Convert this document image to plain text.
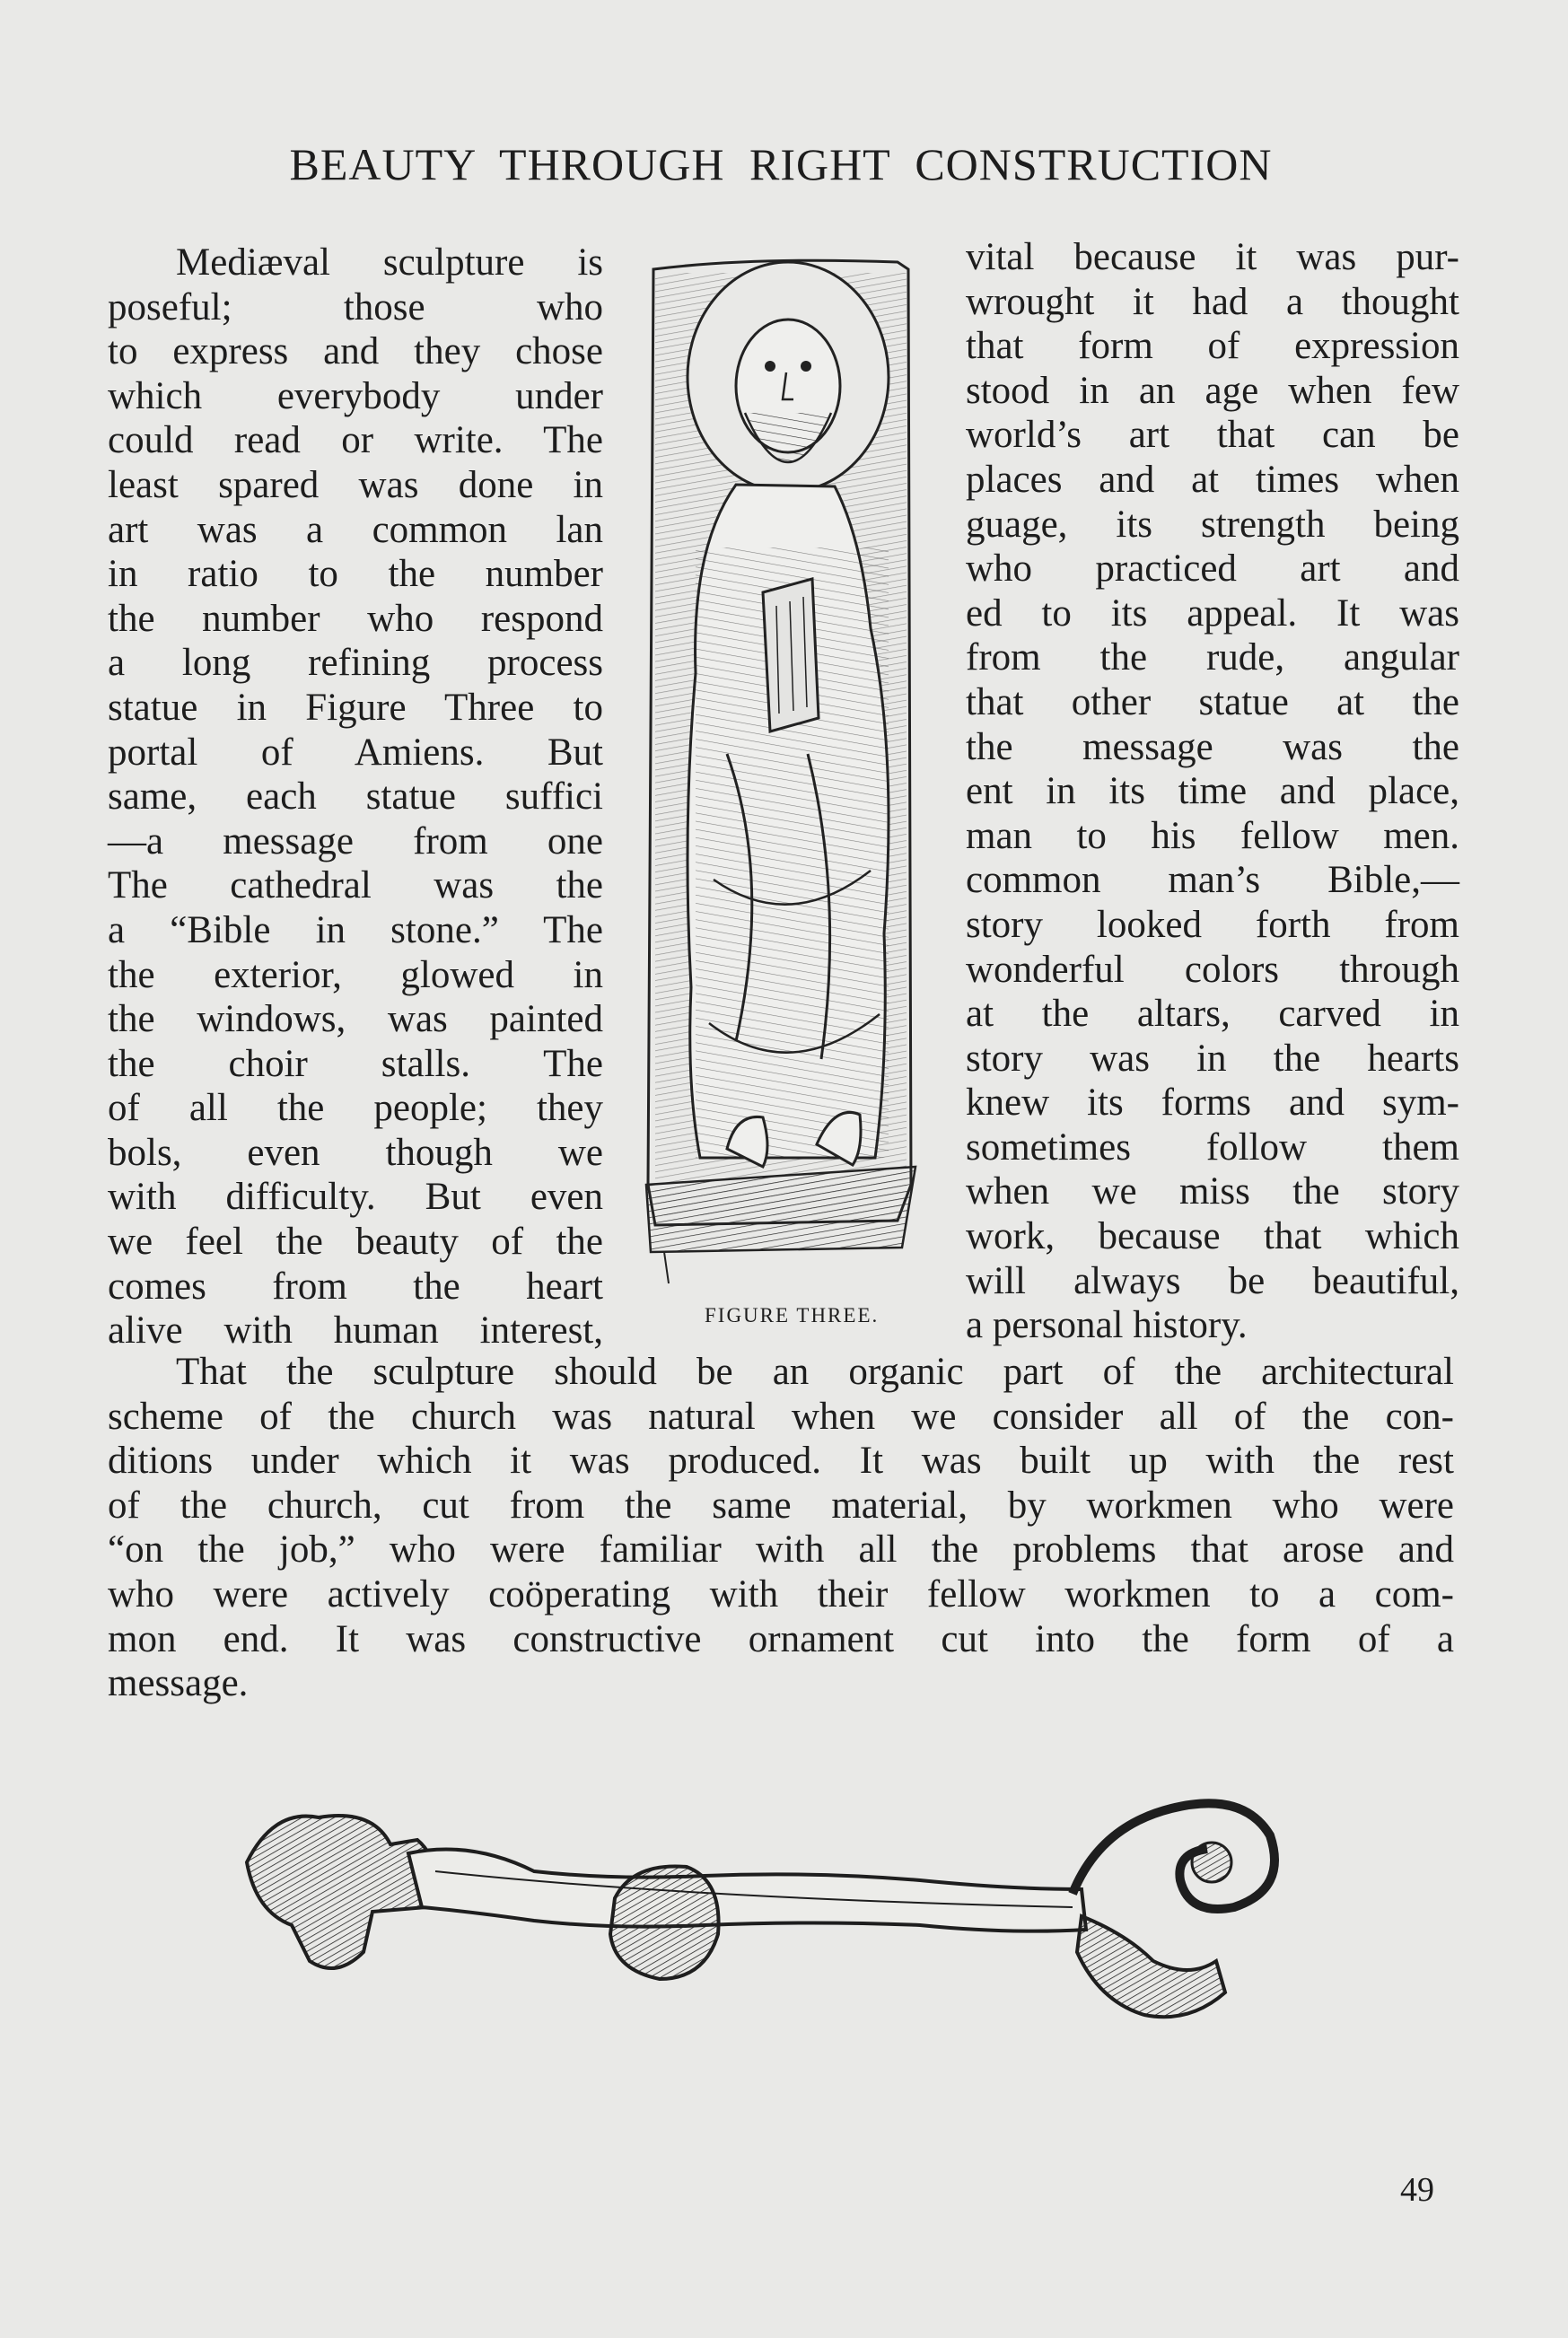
BEAUTY THROUGH RIGHT CONSTRUCTION
Mediæval sculpture is
poseful; those who
to express and they chose
which everybody under
could read or write. The
least spared was done in
art was a common lan
in ratio to the number
the number who respond
a long refining process
statue in Figure Three to
portal of Amiens. But
same, each statue suffici
—a message from one
The cathedral was the
a “Bible in stone.” The
the exterior, glowed in
the windows, was painted
the choir stalls. The
of all the people; they
bols, even though we
with difficulty. But even
we feel the beauty of the
comes from the heart
alive with human interest,	FIGURE THREE.
vital because it was pur-
wrought it had a thought
that form of expression
stood in an age when few
world’s art that can be
places and at times when
guage, its strength being
who practiced art and
ed to its appeal. It was
from the rude, angular
that other statue at the
the message was the
ent in its time and place,
man to his fellow men.
common man’s Bible,—
story looked forth from
wonderful colors through
at the altars, carved in
story was in the hearts
knew its forms and sym-
sometimes follow them
when we miss the story
work, because that which
will always be beautiful,
a personal history.
That the sculpture should be an organic part of the architectural
scheme of the church was natural when we consider all of the con-
ditions under which it was produced. It was built up with the rest
of the church, cut from the same material, by workmen who were
“on the job,” who were familiar with all the problems that arose and
who were actively coöperating with their fellow workmen to a com-
mon end. It was constructive ornament cut into the form of a
message.
49
